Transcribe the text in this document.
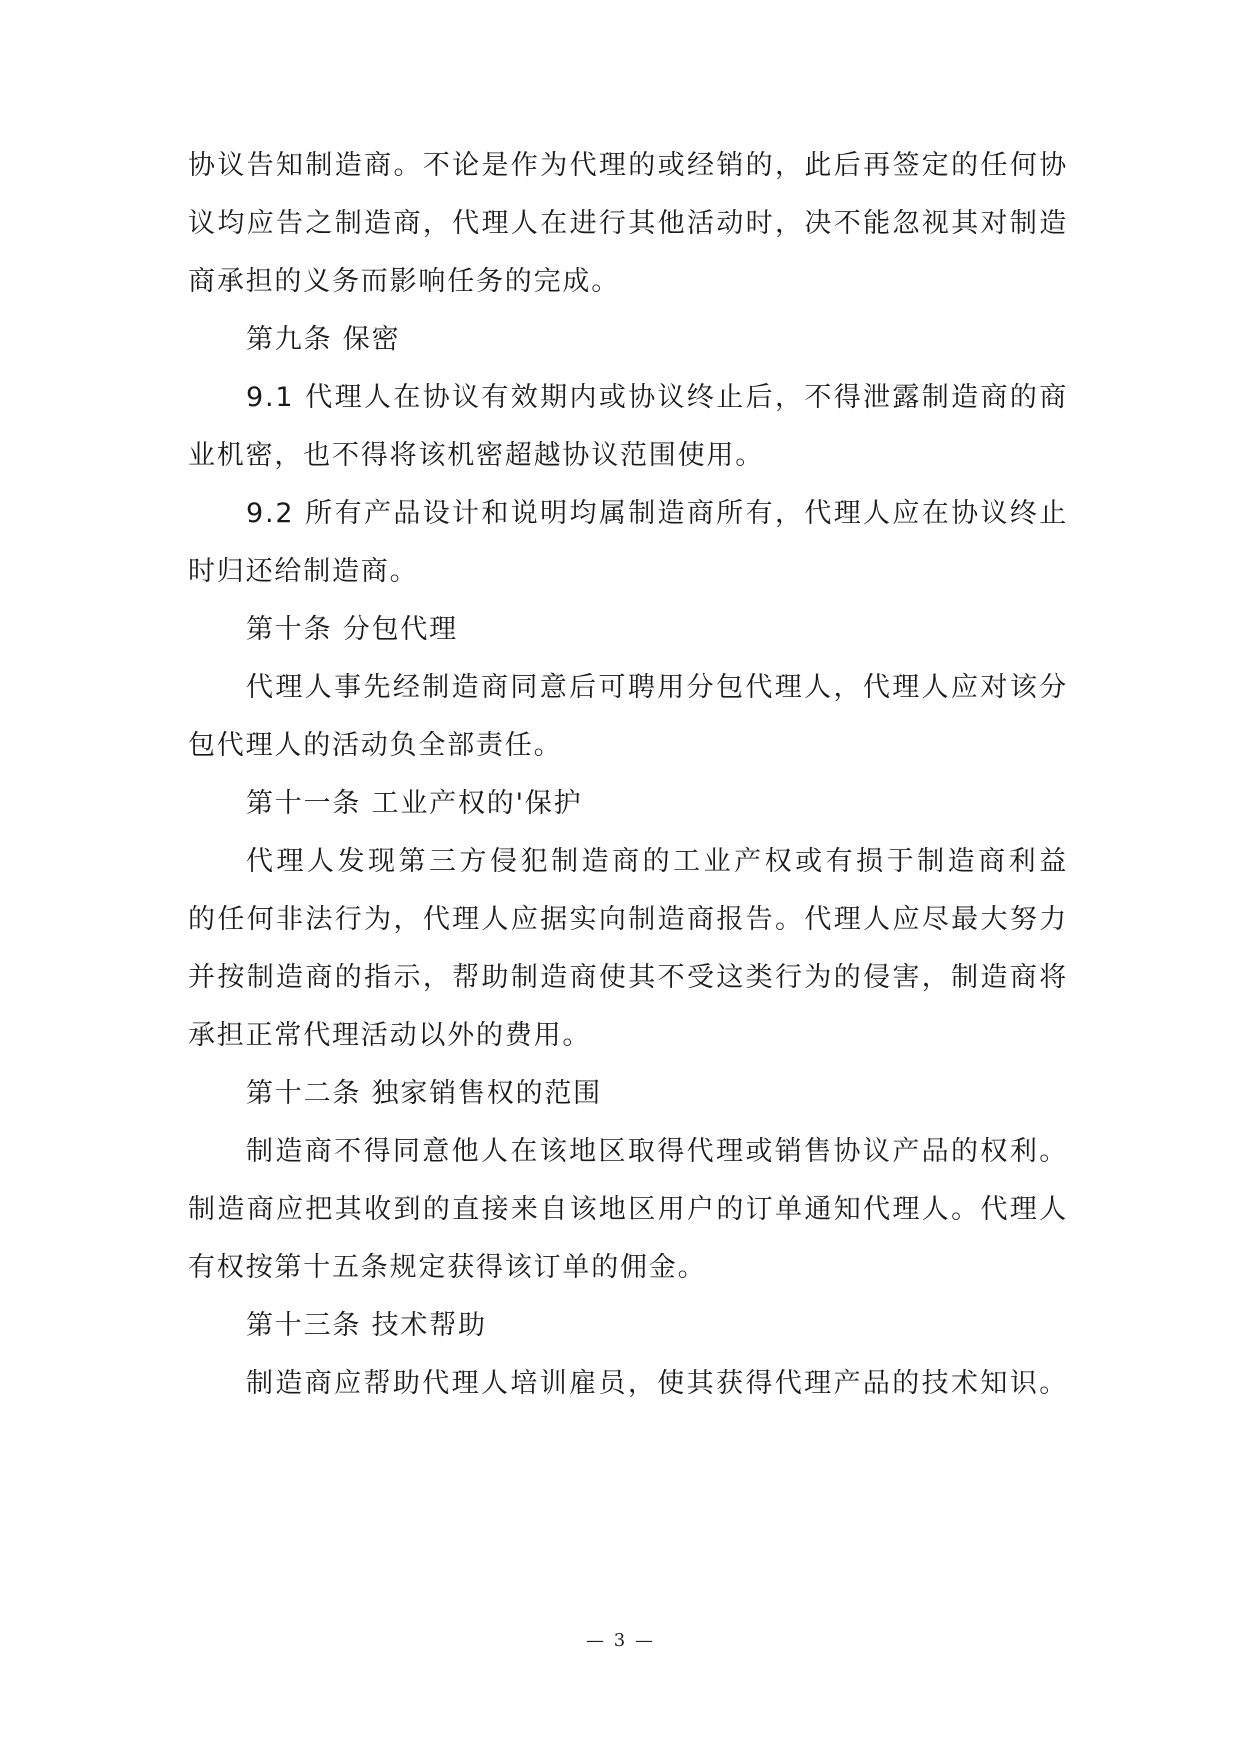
协议告知制造商。不论是作为代理的或经销的，此后再签定的任何协
议均应告之制造商，代理人在进行其他活动时，决不能忽视其对制造
商承担的义务而影响任务的完成。
第九条 保密
9.1 代理人在协议有效期内或协议终止后，不得泄露制造商的商
业机密，也不得将该机密超越协议范围使用。
9.2 所有产品设计和说明均属制造商所有，代理人应在协议终止
时归还给制造商。
第十条 分包代理
代理人事先经制造商同意后可聘用分包代理人，代理人应对该分
包代理人的活动负全部责任。
第十一条 工业产权的'保护
代理人发现第三方侵犯制造商的工业产权或有损于制造商利益
的任何非法行为，代理人应据实向制造商报告。代理人应尽最大努力
并按制造商的指示，帮助制造商使其不受这类行为的侵害，制造商将
承担正常代理活动以外的费用。
第十二条 独家销售权的范围
制造商不得同意他人在该地区取得代理或销售协议产品的权利。
制造商应把其收到的直接来自该地区用户的订单通知代理人。代理人
有权按第十五条规定获得该订单的佣金。
第十三条 技术帮助
制造商应帮助代理人培训雇员，使其获得代理产品的技术知识。
— 3 —
